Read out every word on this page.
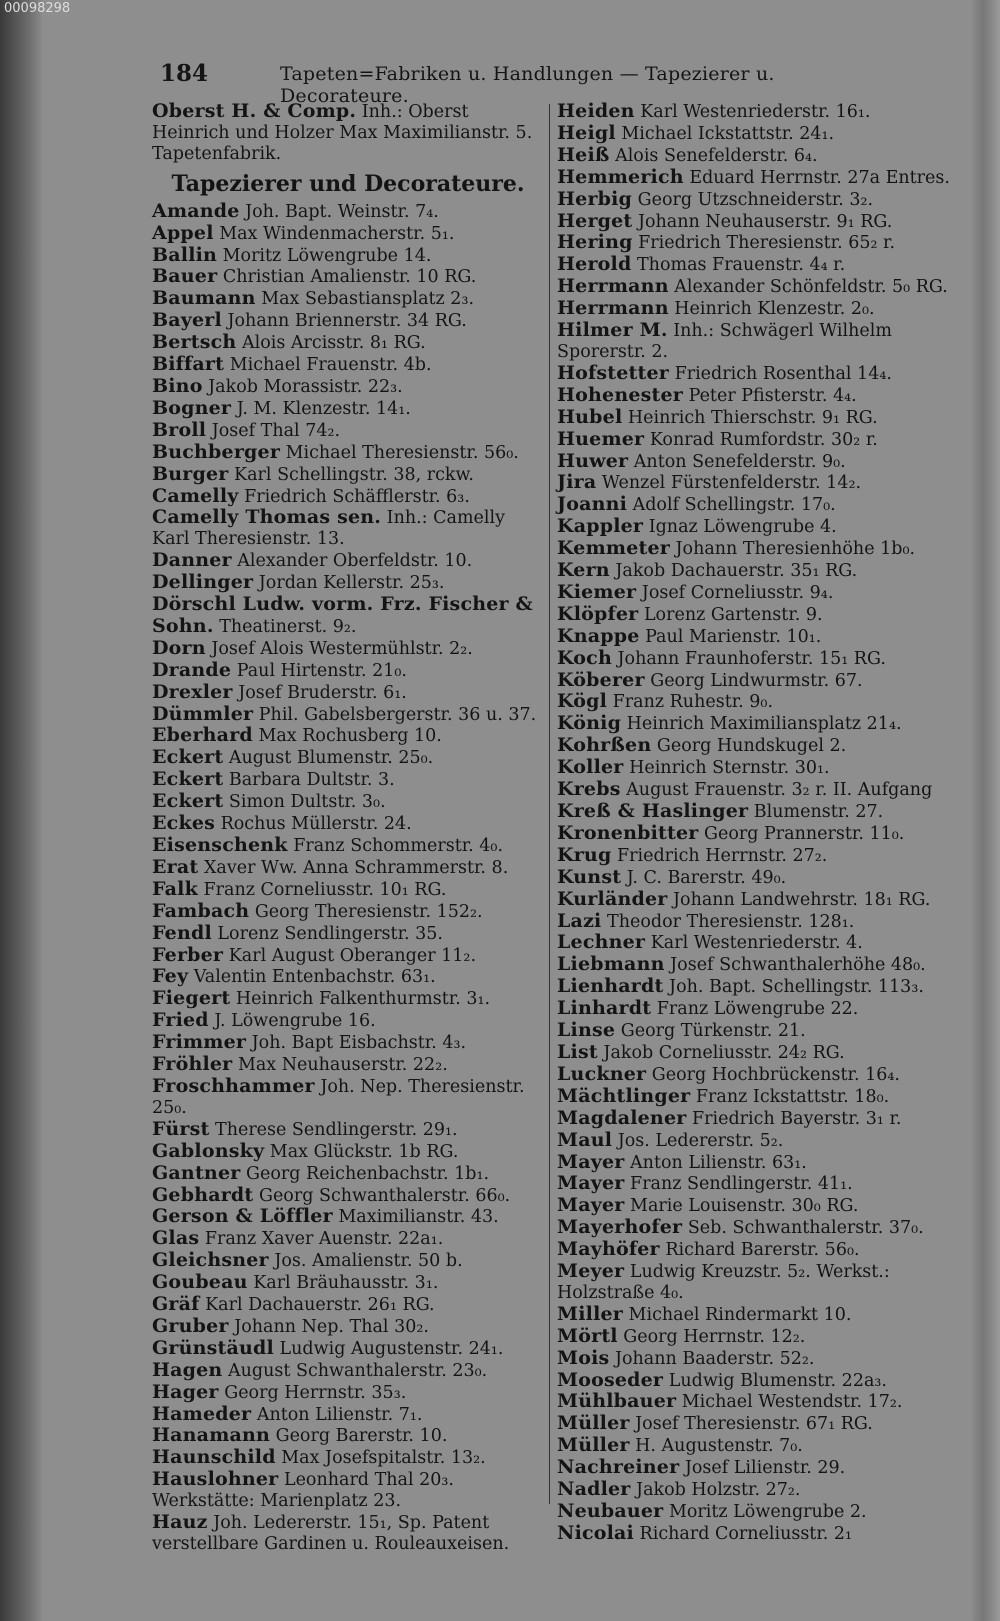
00098298
184	Tapeten=Fabriken u. Handlungen — Tapezierer u. Decorateure.

Oberst H. & Comp. Inh.: Oberst Heinrich und Holzer Max Maximilianstr. 5. Tapetenfabrik.

Tapezierer und Decorateure.

Amande Joh. Bapt. Weinstr. 7₄.

Appel Max Windenmacherstr. 5₁.

Ballin Moritz Löwengrube 14.

Bauer Christian Amalienstr. 10 RG.

Baumann Max Sebastiansplatz 2₃.

Bayerl Johann Briennerstr. 34 RG.

Bertsch Alois Arcisstr. 8₁ RG.

Biffart Michael Frauenstr. 4b.

Bino Jakob Morassistr. 22₃.

Bogner J. M. Klenzestr. 14₁.

Broll Josef Thal 74₂.

Buchberger Michael Theresienstr. 56₀.

Burger Karl Schellingstr. 38, rckw.

Camelly Friedrich Schäfflerstr. 6₃.

Camelly Thomas sen. Inh.: Camelly Karl Theresienstr. 13.

Danner Alexander Oberfeldstr. 10.

Dellinger Jordan Kellerstr. 25₃.

Dörschl Ludw. vorm. Frz. Fischer & Sohn. Theatinerst. 9₂.

Dorn Josef Alois Westermühlstr. 2₂.

Drande Paul Hirtenstr. 21₀.

Drexler Josef Bruderstr. 6₁.

Dümmler Phil. Gabelsbergerstr. 36 u. 37.

Eberhard Max Rochusberg 10.

Eckert August Blumenstr. 25₀.

Eckert Barbara Dultstr. 3.

Eckert Simon Dultstr. 3₀.

Eckes Rochus Müllerstr. 24.

Eisenschenk Franz Schommerstr. 4₀.

Erat Xaver Ww. Anna Schrammerstr. 8.

Falk Franz Corneliusstr. 10₁ RG.

Fambach Georg Theresienstr. 152₂.

Fendl Lorenz Sendlingerstr. 35.

Ferber Karl August Oberanger 11₂.

Fey Valentin Entenbachstr. 63₁.

Fiegert Heinrich Falkenthurmstr. 3₁.

Fried J. Löwengrube 16.

Frimmer Joh. Bapt Eisbachstr. 4₃.

Fröhler Max Neuhauserstr. 22₂.

Froschhammer Joh. Nep. Theresienstr. 25₀.

Fürst Therese Sendlingerstr. 29₁.

Gablonsky Max Glückstr. 1b RG.

Gantner Georg Reichenbachstr. 1b₁.

Gebhardt Georg Schwanthalerstr. 66₀.

Gerson & Löffler Maximilianstr. 43.

Glas Franz Xaver Auenstr. 22a₁.

Gleichsner Jos. Amalienstr. 50 b.

Goubeau Karl Bräuhausstr. 3₁.

Gräf Karl Dachauerstr. 26₁ RG.

Gruber Johann Nep. Thal 30₂.

Grünstäudl Ludwig Augustenstr. 24₁.

Hagen August Schwanthalerstr. 23₀.

Hager Georg Herrnstr. 35₃.

Hameder Anton Lilienstr. 7₁.

Hanamann Georg Barerstr. 10.

Haunschild Max Josefspitalstr. 13₂.

Hauslohner Leonhard Thal 20₃. Werkstätte: Marienplatz 23.

Hauz Joh. Ledererstr. 15₁, Sp. Patent verstellbare Gardinen u. Rouleauxeisen.

Heiden Karl Westenriederstr. 16₁.

Heigl Michael Ickstattstr. 24₁.

Heiß Alois Senefelderstr. 6₄.

Hemmerich Eduard Herrnstr. 27a Entres.

Herbig Georg Utzschneiderstr. 3₂.

Herget Johann Neuhauserstr. 9₁ RG.

Hering Friedrich Theresienstr. 65₂ r.

Herold Thomas Frauenstr. 4₄ r.

Herrmann Alexander Schönfeldstr. 5₀ RG.

Herrmann Heinrich Klenzestr. 2₀.

Hilmer M. Inh.: Schwägerl Wilhelm Sporerstr. 2.

Hofstetter Friedrich Rosenthal 14₄.

Hohenester Peter Pfisterstr. 4₄.

Hubel Heinrich Thierschstr. 9₁ RG.

Huemer Konrad Rumfordstr. 30₂ r.

Huwer Anton Senefelderstr. 9₀.

Jira Wenzel Fürstenfelderstr. 14₂.

Joanni Adolf Schellingstr. 17₀.

Kappler Ignaz Löwengrube 4.

Kemmeter Johann Theresienhöhe 1b₀.

Kern Jakob Dachauerstr. 35₁ RG.

Kiemer Josef Corneliusstr. 9₄.

Klöpfer Lorenz Gartenstr. 9.

Knappe Paul Marienstr. 10₁.

Koch Johann Fraunhoferstr. 15₁ RG.

Köberer Georg Lindwurmstr. 67.

Kögl Franz Ruhestr. 9₀.

König Heinrich Maximiliansplatz 21₄.

Kohrßen Georg Hundskugel 2.

Koller Heinrich Sternstr. 30₁.

Krebs August Frauenstr. 3₂ r. II. Aufgang

Kreß & Haslinger Blumenstr. 27.

Kronenbitter Georg Prannerstr. 11₀.

Krug Friedrich Herrnstr. 27₂.

Kunst J. C. Barerstr. 49₀.

Kurländer Johann Landwehrstr. 18₁ RG.

Lazi Theodor Theresienstr. 128₁.

Lechner Karl Westenriederstr. 4.

Liebmann Josef Schwanthalerhöhe 48₀.

Lienhardt Joh. Bapt. Schellingstr. 113₃.

Linhardt Franz Löwengrube 22.

Linse Georg Türkenstr. 21.

List Jakob Corneliusstr. 24₂ RG.

Luckner Georg Hochbrückenstr. 16₄.

Mächtlinger Franz Ickstattstr. 18₀.

Magdalener Friedrich Bayerstr. 3₁ r.

Maul Jos. Ledererstr. 5₂.

Mayer Anton Lilienstr. 63₁.

Mayer Franz Sendlingerstr. 41₁.

Mayer Marie Louisenstr. 30₀ RG.

Mayerhofer Seb. Schwanthalerstr. 37₀.

Mayhöfer Richard Barerstr. 56₀.

Meyer Ludwig Kreuzstr. 5₂. Werkst.: Holzstraße 4₀.

Miller Michael Rindermarkt 10.

Mörtl Georg Herrnstr. 12₂.

Mois Johann Baaderstr. 52₂.

Mooseder Ludwig Blumenstr. 22a₃.

Mühlbauer Michael Westendstr. 17₂.

Müller Josef Theresienstr. 67₁ RG.

Müller H. Augustenstr. 7₀.

Nachreiner Josef Lilienstr. 29.

Nadler Jakob Holzstr. 27₂.

Neubauer Moritz Löwengrube 2.

Nicolai Richard Corneliusstr. 2₁
